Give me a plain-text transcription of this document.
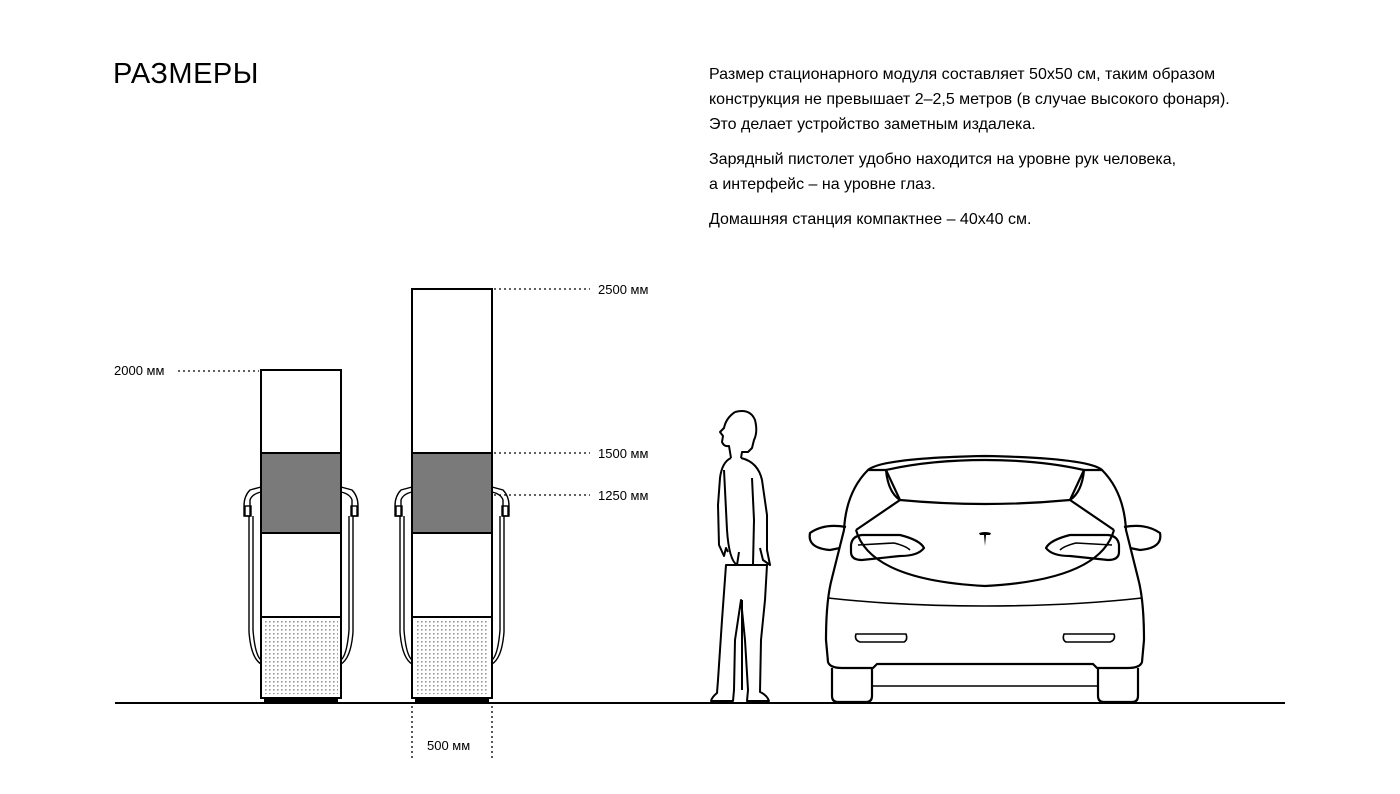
РАЗМЕРЫ	Размер стационарного модуля составляет 50х50 см, таким образом
конструкция не превышает 2–2,5 метров (в случае высокого фонаря).
Это делает устройство заметным издалека.

Зарядный пистолет удобно находится на уровне рук человека,
а интерфейс – на уровне глаз.

Домашняя станция компактнее – 40х40 см.

2000 мм
2500 мм
1500 мм
1250 мм
500 мм
